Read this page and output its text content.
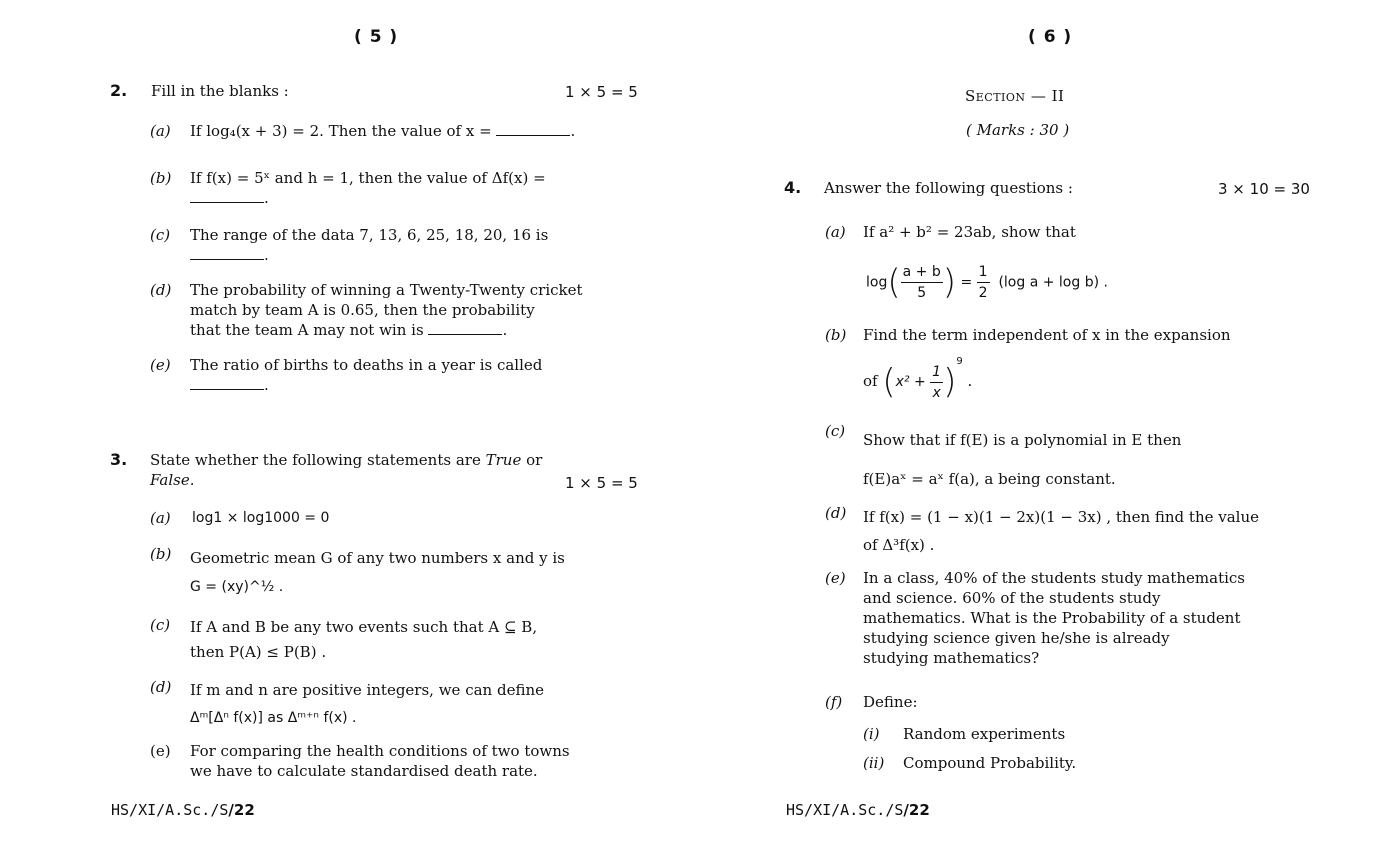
( 5 )
2. Fill in the blanks :	1 × 5 = 5
(a) If log₄(x + 3) = 2. Then the value of x =	.
(b) If f(x) = 5ˣ and h = 1, then the value of Δf(x) =
.
(c) The range of the data 7, 13, 6, 25, 18, 20, 16 is
.
(d) The probability of winning a Twenty-Twenty cricket
match by team A is 0.65, then the probability
that the team A may not win is	.
(e) The ratio of births to deaths in a year is called
.
3. State whether the following statements are True or
False.	1 × 5 = 5
(a) log1 × log1000 = 0
(b) Geometric mean G of any two numbers x and y is
G = (xy)^½ .
(c) If A and B be any two events such that A ⊆ B,
then P(A) ≤ P(B) .
(d) If m and n are positive integers, we can define
Δᵐ[Δⁿ f(x)] as Δᵐ⁺ⁿ f(x) .
(e) For comparing the health conditions of two towns
we have to calculate standardised death rate.
HS/XI/A.Sc./S/22
( 6 )
Section — II
( Marks : 30 )
4. Answer the following questions :	3 × 10 = 30
(a) If a² + b² = 23ab, show that
$\log( \frac{a + b}{5}$ ) = $\frac{1}{2} (\log$ a + log b) .
(b) Find the term independent of x in the expansion
of $(x^2 + \frac{1}{x} )^9$ .
(c) Show that if f(E) is a polynomial in E then
f(E)aˣ = aˣ f(a), a being constant.
(d) If f(x) = (1 − x)(1 − 2x)(1 − 3x) , then find the value
of Δ³f(x) .
(e) In a class, 40% of the students study mathematics
and science. 60% of the students study
mathematics. What is the Probability of a student
studying science given he/she is already
studying mathematics?
(f) Define:
(i) Random experiments
(ii) Compound Probability.
HS/XI/A.Sc./S/22
